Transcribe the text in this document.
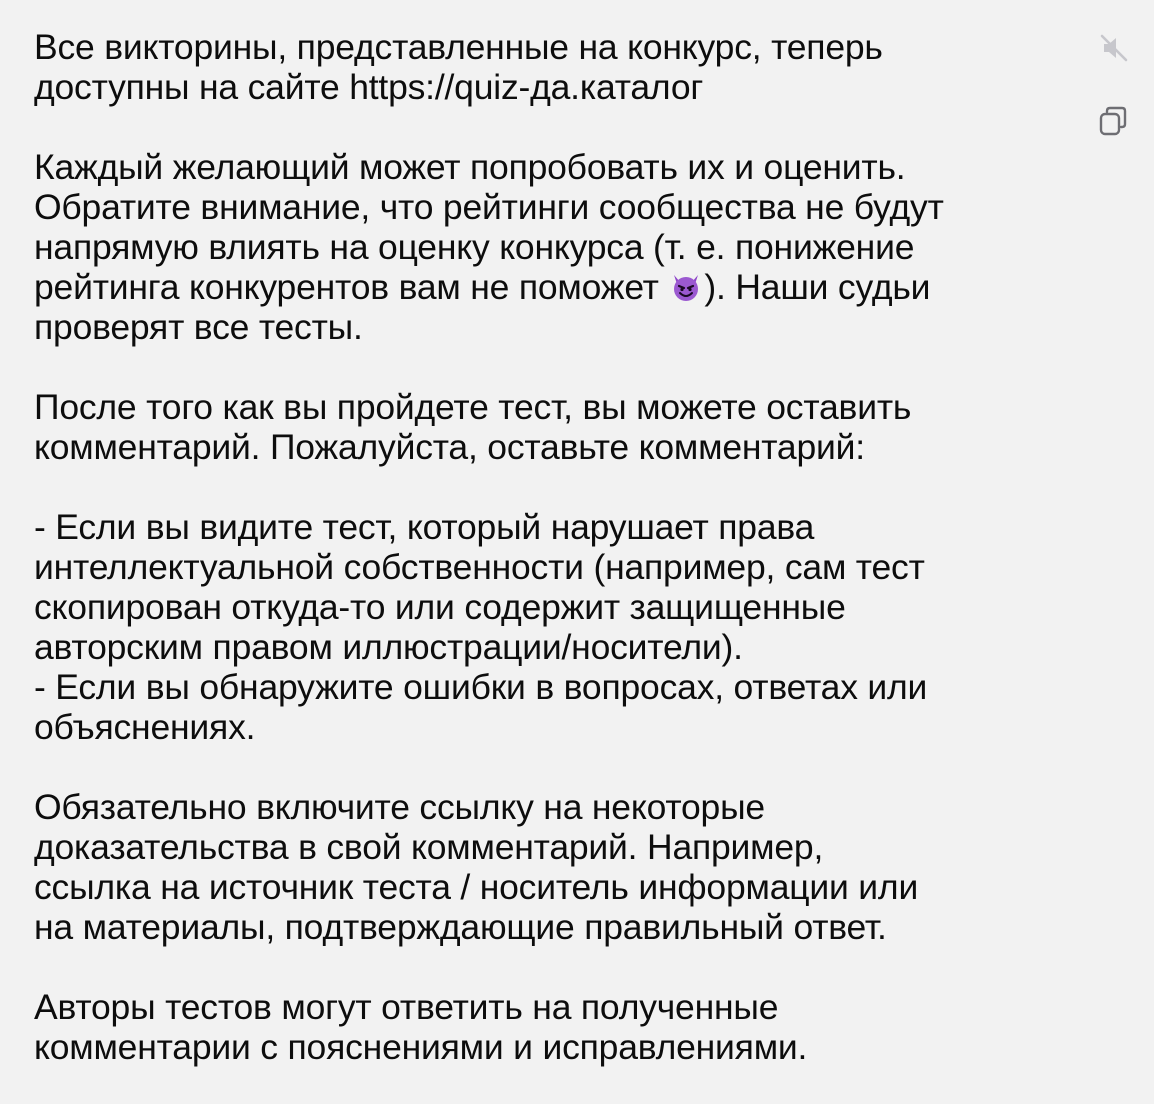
Все викторины, представленные на конкурс, теперь
доступны на сайте https://quiz-да.каталог

Каждый желающий может попробовать их и оценить.
Обратите внимание, что рейтинги сообщества не будут
напрямую влиять на оценку конкурса (т. е. понижение
рейтинга конкурентов вам не поможет ). Наши судьи
проверят все тесты.

После того как вы пройдете тест, вы можете оставить
комментарий. Пожалуйста, оставьте комментарий:

- Если вы видите тест, который нарушает права
интеллектуальной собственности (например, сам тест
скопирован откуда-то или содержит защищенные
авторским правом иллюстрации/носители).
- Если вы обнаружите ошибки в вопросах, ответах или
объяснениях.

Обязательно включите ссылку на некоторые
доказательства в свой комментарий. Например,
ссылка на источник теста / носитель информации или
на материалы, подтверждающие правильный ответ.

Авторы тестов могут ответить на полученные
комментарии с пояснениями и исправлениями.
